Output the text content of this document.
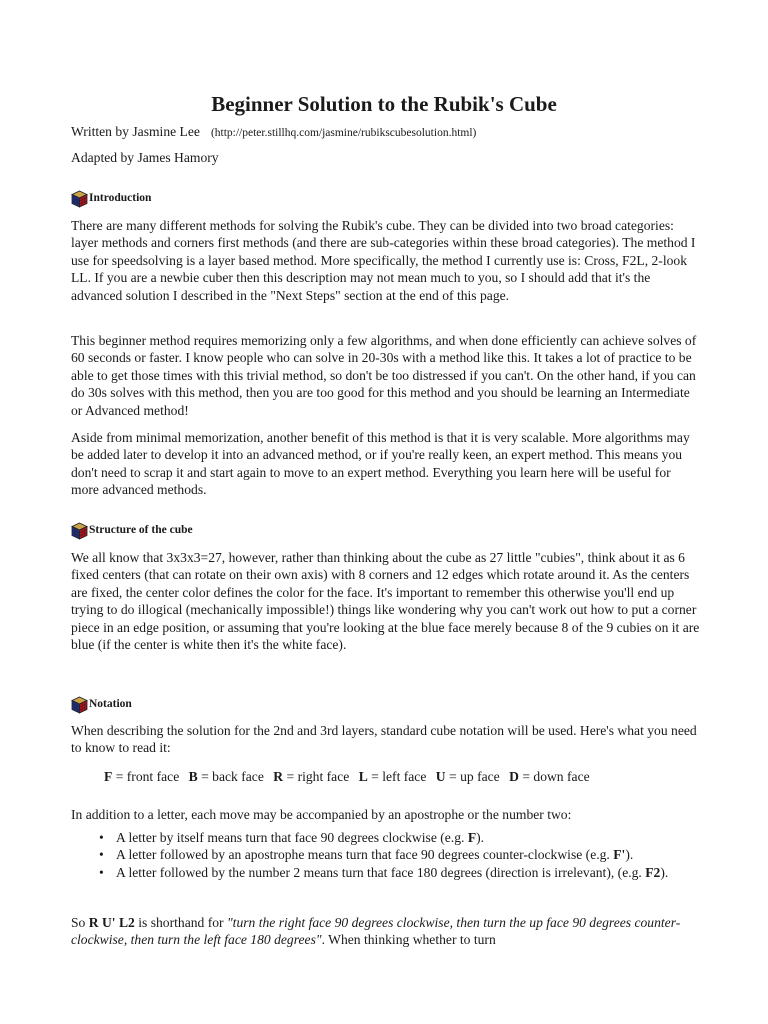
Beginner Solution to the Rubik's Cube

Written by Jasmine Lee (http://peter.stillhq.com/jasmine/rubikscubesolution.html)

Adapted by James Hamory

Introduction

There are many different methods for solving the Rubik's cube. They can be divided into two broad categories: layer methods and corners first methods (and there are sub-categories within these broad categories). The method I use for speedsolving is a layer based method. More specifically, the method I currently use is: Cross, F2L, 2-look LL. If you are a newbie cuber then this description may not mean much to you, so I should add that it's the advanced solution I described in the "Next Steps" section at the end of this page.

This beginner method requires memorizing only a few algorithms, and when done efficiently can achieve solves of 60 seconds or faster. I know people who can solve in 20-30s with a method like this. It takes a lot of practice to be able to get those times with this trivial method, so don't be too distressed if you can't. On the other hand, if you can do 30s solves with this method, then you are too good for this method and you should be learning an Intermediate or Advanced method!

Aside from minimal memorization, another benefit of this method is that it is very scalable. More algorithms may be added later to develop it into an advanced method, or if you're really keen, an expert method. This means you don't need to scrap it and start again to move to an expert method. Everything you learn here will be useful for more advanced methods.

Structure of the cube

We all know that 3x3x3=27, however, rather than thinking about the cube as 27 little "cubies", think about it as 6 fixed centers (that can rotate on their own axis) with 8 corners and 12 edges which rotate around it. As the centers are fixed, the center color defines the color for the face. It's important to remember this otherwise you'll end up trying to do illogical (mechanically impossible!) things like wondering why you can't work out how to put a corner piece in an edge position, or assuming that you're looking at the blue face merely because 8 of the 9 cubies on it are blue (if the center is white then it's the white face).

Notation

When describing the solution for the 2nd and 3rd layers, standard cube notation will be used. Here's what you need to know to read it:

F = front face B = back face R = right face L = left face U = up face D = down face

In addition to a letter, each move may be accompanied by an apostrophe or the number two:

• A letter by itself means turn that face 90 degrees clockwise (e.g. F).
• A letter followed by an apostrophe means turn that face 90 degrees counter-clockwise (e.g. F').
• A letter followed by the number 2 means turn that face 180 degrees (direction is irrelevant), (e.g. F2).

So R U' L2 is shorthand for "turn the right face 90 degrees clockwise, then turn the up face 90 degrees counter-clockwise, then turn the left face 180 degrees". When thinking whether to turn
